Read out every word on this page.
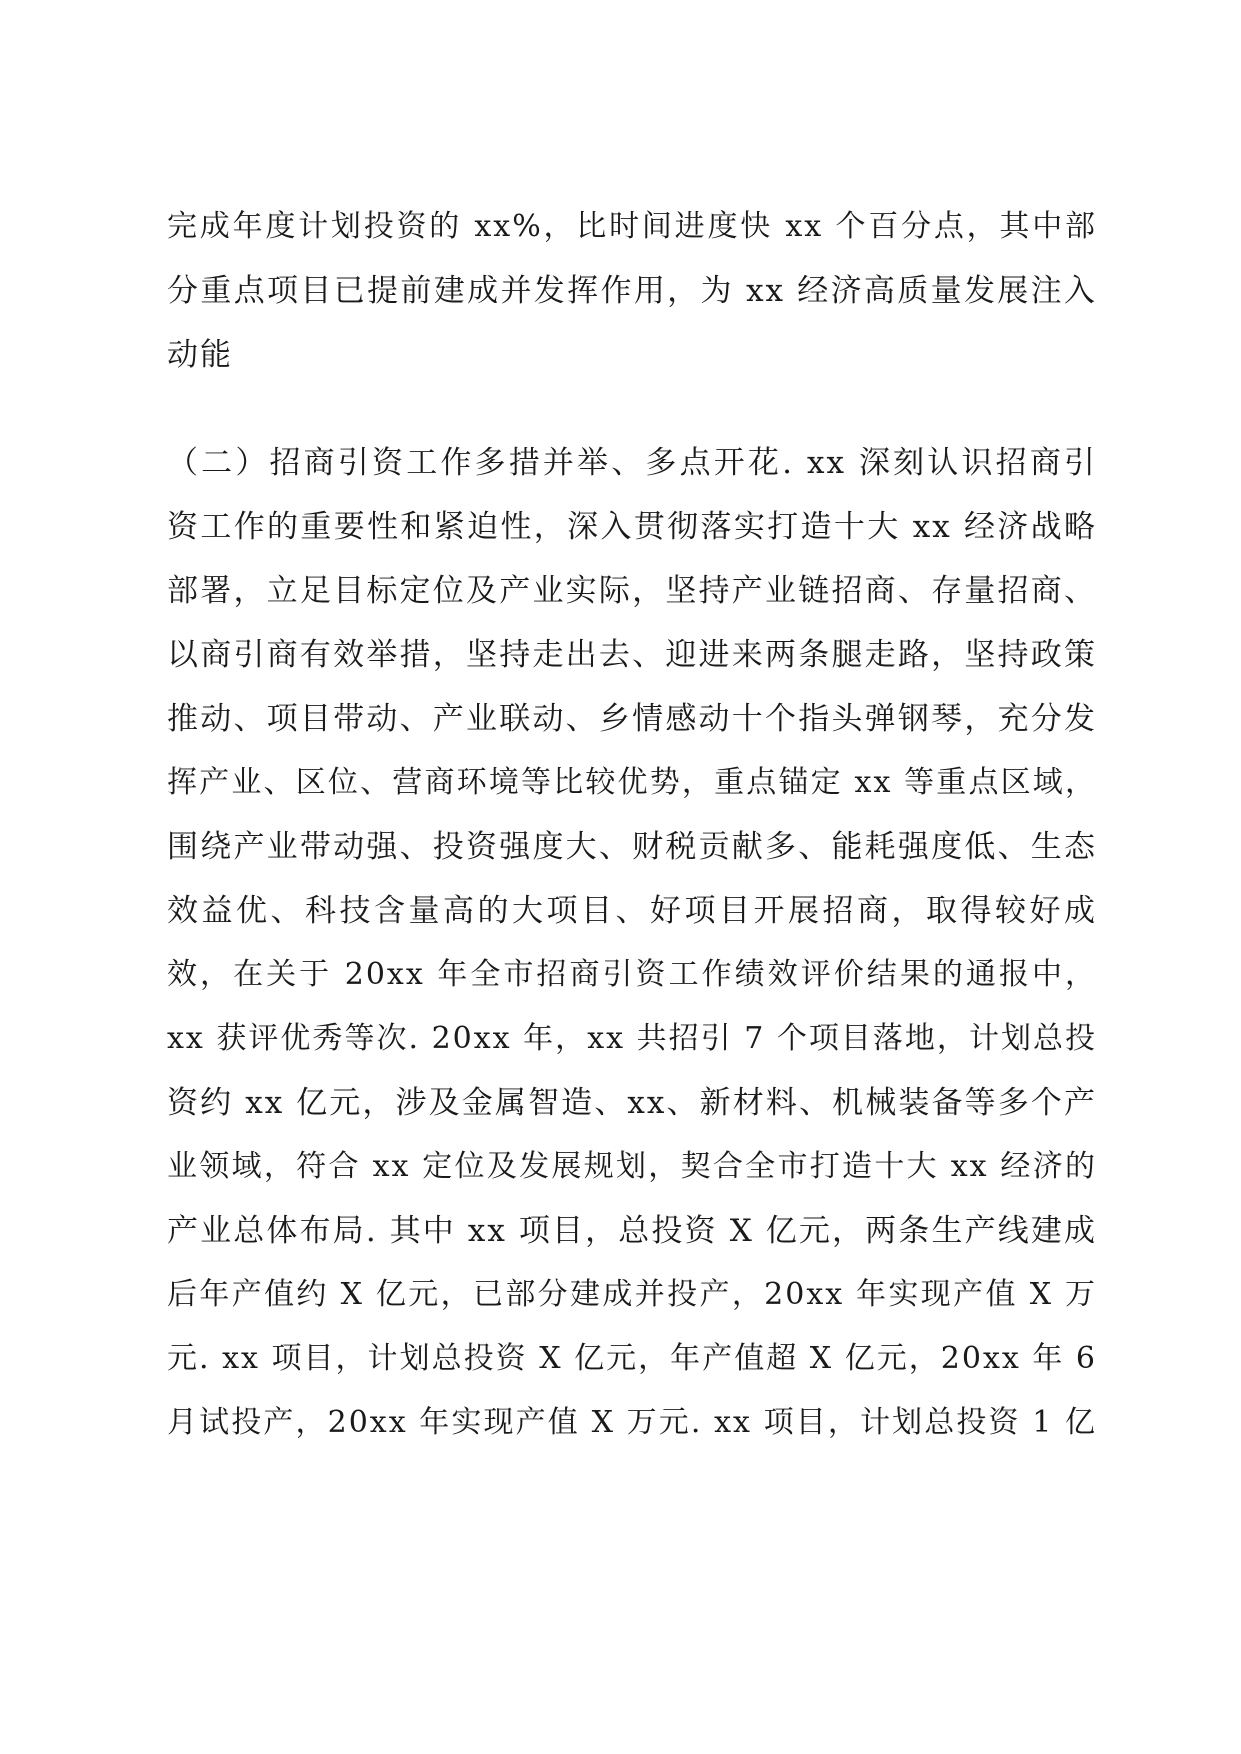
完成年度计划投资的 xx%，比时间进度快 xx 个百分点，其中部
分重点项目已提前建成并发挥作用，为 xx 经济高质量发展注入
动能
（二）招商引资工作多措并举、多点开花. xx 深刻认识招商引
资工作的重要性和紧迫性，深入贯彻落实打造十大 xx 经济战略
部署，立足目标定位及产业实际，坚持产业链招商、存量招商、
以商引商有效举措，坚持走出去、迎进来两条腿走路，坚持政策
推动、项目带动、产业联动、乡情感动十个指头弹钢琴，充分发
挥产业、区位、营商环境等比较优势，重点锚定 xx 等重点区域，
围绕产业带动强、投资强度大、财税贡献多、能耗强度低、生态
效益优、科技含量高的大项目、好项目开展招商，取得较好成
效，在关于 20xx 年全市招商引资工作绩效评价结果的通报中，
xx 获评优秀等次. 20xx 年，xx 共招引 7 个项目落地，计划总投
资约 xx 亿元，涉及金属智造、xx、新材料、机械装备等多个产
业领域，符合 xx 定位及发展规划，契合全市打造十大 xx 经济的
产业总体布局. 其中 xx 项目，总投资 X 亿元，两条生产线建成
后年产值约 X 亿元，已部分建成并投产，20xx 年实现产值 X 万
元. xx 项目，计划总投资 X 亿元，年产值超 X 亿元，20xx 年 6
月试投产，20xx 年实现产值 X 万元. xx 项目，计划总投资 1 亿
